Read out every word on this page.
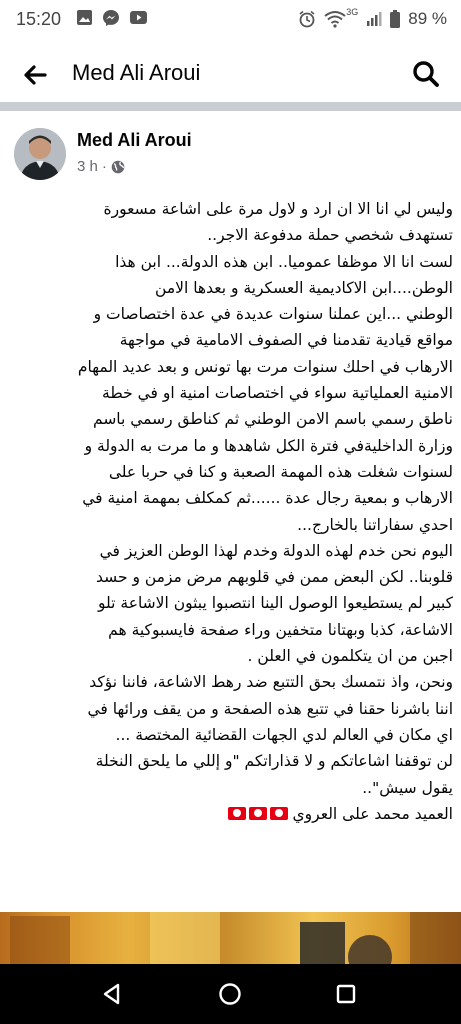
15:20	3G	89 %
Med Ali Aroui
Med Ali Aroui
3 h ·

وليس لي انا الا ان ارد و لاول مرة على اشاعة مسعورة

تستهدف شخصي حملة مدفوعة الاجر..

لست انا الا موظفا عموميا.. ابن هذه الدولة... ابن هذا

الوطن....ابن الاكاديمية العسكرية و بعدها الامن

الوطني ...اين عملنا سنوات عديدة في عدة اختصاصات و

مواقع قيادية تقدمنا في الصفوف الامامية في مواجهة

الارهاب في احلك سنوات مرت بها تونس و بعد عديد المهام

الامنية العملياتية سواء في اختصاصات امنية او في خطة

ناطق رسمي باسم الامن الوطني ثم كناطق رسمي باسم

وزارة الداخليةفي فترة الكل شاهدها و ما مرت به الدولة و

لسنوات شغلت هذه المهمة الصعبة و كنا في حربا على

الارهاب و بمعية رجال عدة ......ثم كمكلف بمهمة امنية في

احدي سفاراتنا بالخارج...

اليوم نحن خدم لهذه الدولة وخدم لهذا الوطن العزيز في

قلوبنا.. لكن البعض ممن في قلوبهم مرض مزمن و حسد

كبير لم يستطيعوا الوصول الينا انتصبوا يبثون الاشاعة تلو

الاشاعة، كذبا وبهتانا متخفين وراء صفحة فايسبوكية هم

اجبن من ان يتكلمون في العلن .

ونحن، واذ نتمسك بحق التتبع ضد رهط الاشاعة، فاننا نؤكد

اننا باشرنا حقنا في تتبع هذه الصفحة و من يقف ورائها في

اي مكان في العالم لدي الجهات القضائية المختصة ...

لن توقفنا اشاعاتكم و لا قذاراتكم "و إللي ما يلحق النخلة

يقول سيش"..

العميد محمد على العروي
